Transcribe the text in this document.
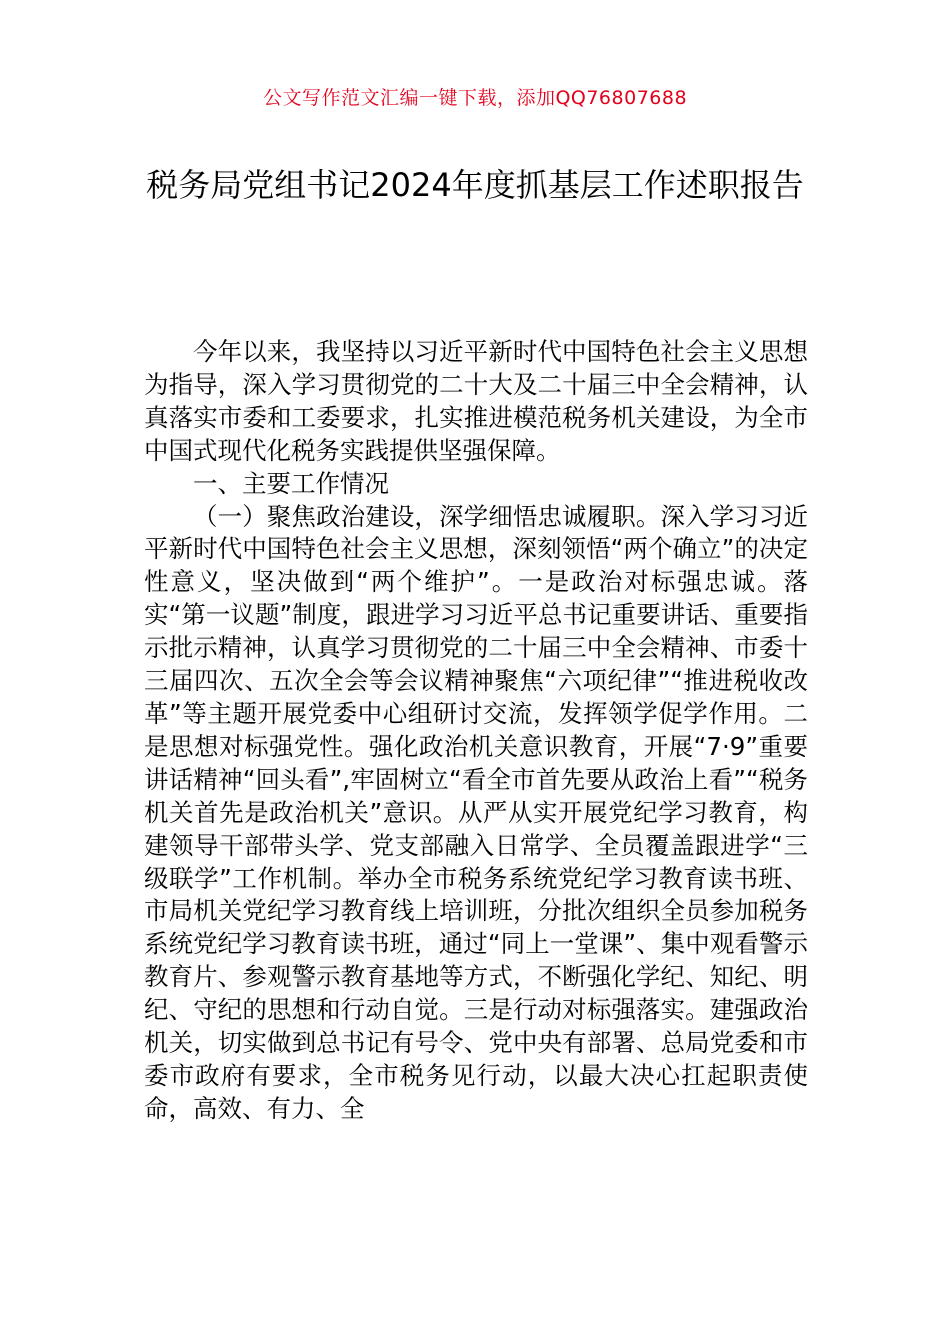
公文写作范文汇编一键下载，添加QQ76807688
税务局党组书记2024年度抓基层工作述职报告

今年以来，我坚持以习近平新时代中国特色社会主义思想为指导，深入学习贯彻党的二十大及二十届三中全会精神，认真落实市委和工委要求，扎实推进模范税务机关建设，为全市中国式现代化税务实践提供坚强保障。

一、主要工作情况

（一）聚焦政治建设，深学细悟忠诚履职。深入学习习近平新时代中国特色社会主义思想，深刻领悟“两个确立”的决定性意义，坚决做到“两个维护”。一是政治对标强忠诚。落实“第一议题”制度，跟进学习习近平总书记重要讲话、重要指示批示精神，认真学习贯彻党的二十届三中全会精神、市委十三届四次、五次全会等会议精神聚焦“六项纪律”“推进税收改革”等主题开展党委中心组研讨交流，发挥领学促学作用。二是思想对标强党性。强化政治机关意识教育，开展“7·9”重要讲话精神“回头看”,牢固树立“看全市首先要从政治上看”“税务机关首先是政治机关”意识。从严从实开展党纪学习教育，构建领导干部带头学、党支部融入日常学、全员覆盖跟进学“三级联学”工作机制。举办全市税务系统党纪学习教育读书班、市局机关党纪学习教育线上培训班，分批次组织全员参加税务系统党纪学习教育读书班，通过“同上一堂课”、集中观看警示教育片、参观警示教育基地等方式，不断强化学纪、知纪、明纪、守纪的思想和行动自觉。三是行动对标强落实。建强政治机关，切实做到总书记有号令、党中央有部署、总局党委和市委市政府有要求，全市税务见行动，以最大决心扛起职责使命，高效、有力、全
